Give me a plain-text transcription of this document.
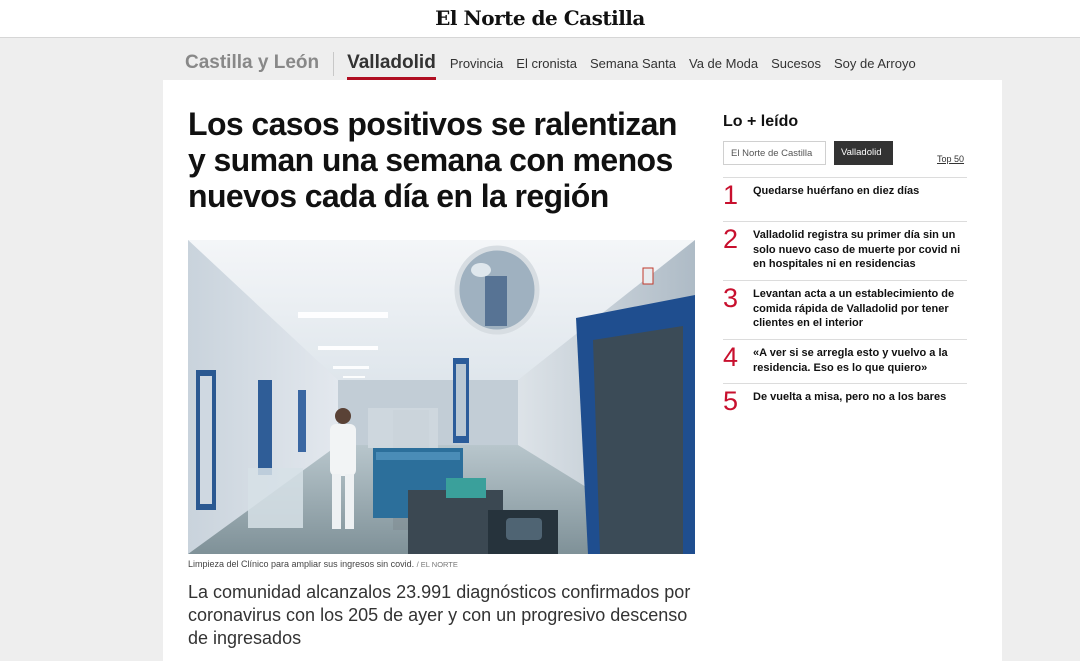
El Norte de Castilla
Castilla y León Valladolid Provincia El cronista Semana Santa Va de Moda Sucesos Soy de Arroyo
Los casos positivos se ralentizan y suman una semana con menos nuevos cada día en la región
Limpieza del Clínico para ampliar sus ingresos sin covid. / EL NORTE

La comunidad alcanzalos 23.991 diagnósticos confirmados por coronavirus con los 205 de ayer y con un progresivo descenso de ingresados

Lo + leído
El Norte de Castilla	Valladolid
Top 50
1	Quedarse huérfano en diez días
2	Valladolid registra su primer día sin un solo nuevo caso de muerte por covid ni en hospitales ni en residencias
3	Levantan acta a un establecimiento de comida rápida de Valladolid por tener clientes en el interior
4	«A ver si se arregla esto y vuelvo a la residencia. Eso es lo que quiero»
5	De vuelta a misa, pero no a los bares
